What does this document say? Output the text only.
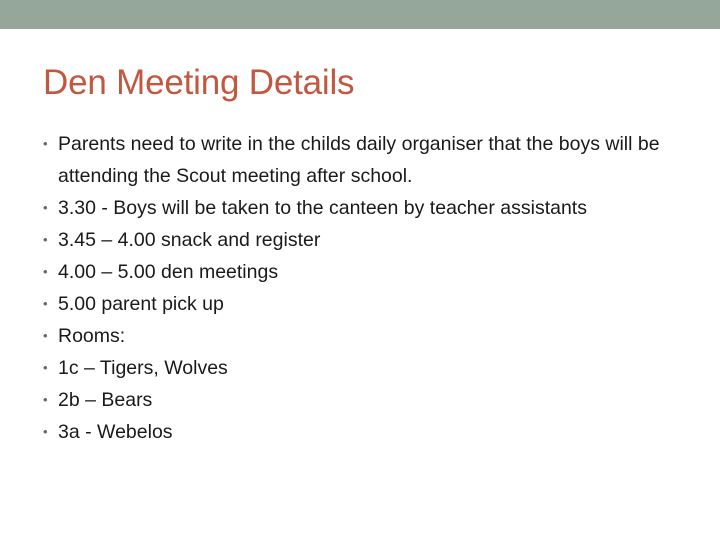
Den Meeting Details
• Parents need to write in the childs daily organiser that the boys will be attending the Scout meeting after school.
• 3.30 - Boys will be taken to the canteen by teacher assistants
• 3.45 – 4.00 snack and register
• 4.00 – 5.00 den meetings
• 5.00 parent pick up
• Rooms:
• 1c – Tigers, Wolves
• 2b – Bears
• 3a - Webelos
